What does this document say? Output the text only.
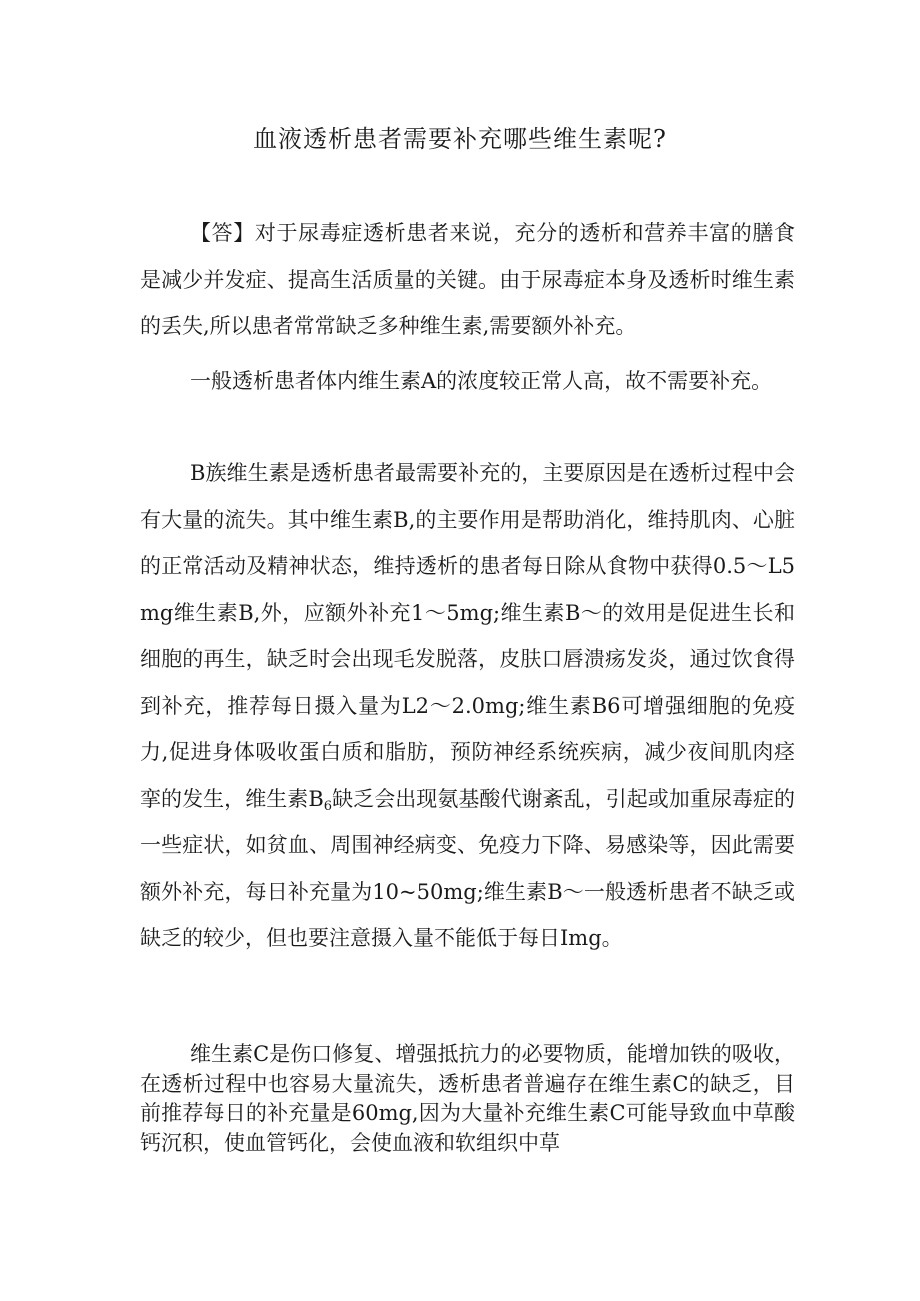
血液透析患者需要补充哪些维生素呢?

【答】对于尿毒症透析患者来说，充分的透析和营养丰富的膳食是减少并发症、提高生活质量的关键。由于尿毒症本身及透析时维生素的丢失,所以患者常常缺乏多种维生素,需要额外补充。

一般透析患者体内维生素A的浓度较正常人高，故不需要补充。

B族维生素是透析患者最需要补充的，主要原因是在透析过程中会有大量的流失。其中维生素B,的主要作用是帮助消化，维持肌肉、心脏的正常活动及精神状态，维持透析的患者每日除从食物中获得0.5～L5mg维生素B,外，应额外补充1～5mg;维生素B～的效用是促进生长和细胞的再生，缺乏时会出现毛发脱落，皮肤口唇溃疡发炎，通过饮食得到补充，推荐每日摄入量为L2～2.0mg;维生素B6可增强细胞的免疫力,促进身体吸收蛋白质和脂肪，预防神经系统疾病，减少夜间肌肉痉挛的发生，维生素$B_6$缺乏会出现氨基酸代谢紊乱，引起或加重尿毒症的一些症状，如贫血、周围神经病变、免疫力下降、易感染等，因此需要额外补充，每日补充量为10~50mg;维生素B～一般透析患者不缺乏或缺乏的较少，但也要注意摄入量不能低于每日Img。

维生素C是伤口修复、增强抵抗力的必要物质，能增加铁的吸收，在透析过程中也容易大量流失，透析患者普遍存在维生素C的缺乏，目前推荐每日的补充量是60mg,因为大量补充维生素C可能导致血中草酸钙沉积，使血管钙化，会使血液和软组织中草
